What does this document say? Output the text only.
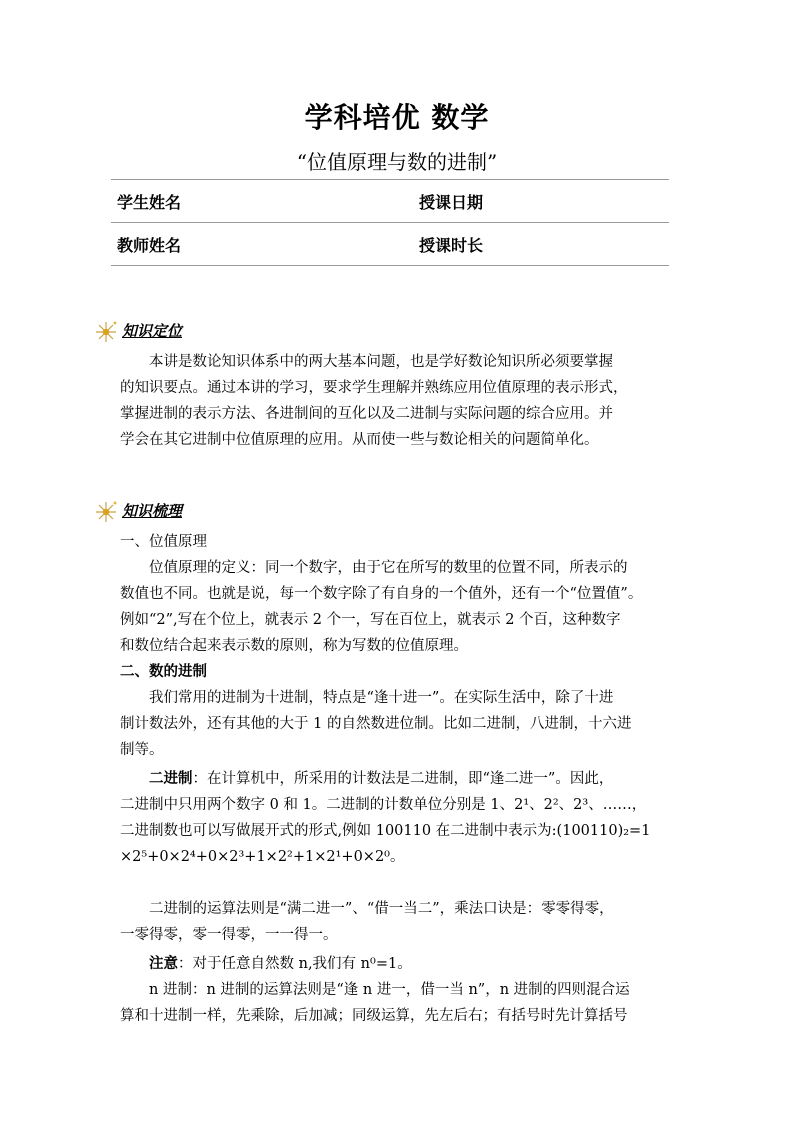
学科培优 数学
“位值原理与数的进制”
学生姓名	授课日期
教师姓名	授课时长
知识定位
本讲是数论知识体系中的两大基本问题，也是学好数论知识所必须要掌握
的知识要点。通过本讲的学习，要求学生理解并熟练应用位值原理的表示形式，
掌握进制的表示方法、各进制间的互化以及二进制与实际问题的综合应用。并
学会在其它进制中位值原理的应用。从而使一些与数论相关的问题简单化。
知识梳理
一、位值原理
位值原理的定义：同一个数字，由于它在所写的数里的位置不同，所表示的
数值也不同。也就是说，每一个数字除了有自身的一个值外，还有一个“位置值”。
例如“2”,写在个位上，就表示 2 个一，写在百位上，就表示 2 个百，这种数字
和数位结合起来表示数的原则，称为写数的位值原理。
二、数的进制
我们常用的进制为十进制，特点是“逢十进一”。在实际生活中，除了十进
制计数法外，还有其他的大于 1 的自然数进位制。比如二进制，八进制，十六进
制等。
二进制：在计算机中，所采用的计数法是二进制，即“逢二进一”。因此，
二进制中只用两个数字 0 和 1。二进制的计数单位分别是 1、2¹、2²、2³、……，
二进制数也可以写做展开式的形式,例如 100110 在二进制中表示为:(100110)₂=1
×2⁵+0×2⁴+0×2³+1×2²+1×2¹+0×2⁰。
二进制的运算法则是“满二进一”、“借一当二”，乘法口诀是：零零得零，
一零得零，零一得零，一一得一。
注意：对于任意自然数 n,我们有 n⁰=1。
n 进制：n 进制的运算法则是“逢 n 进一，借一当 n”，n 进制的四则混合运
算和十进制一样，先乘除，后加减；同级运算，先左后右；有括号时先计算括号
